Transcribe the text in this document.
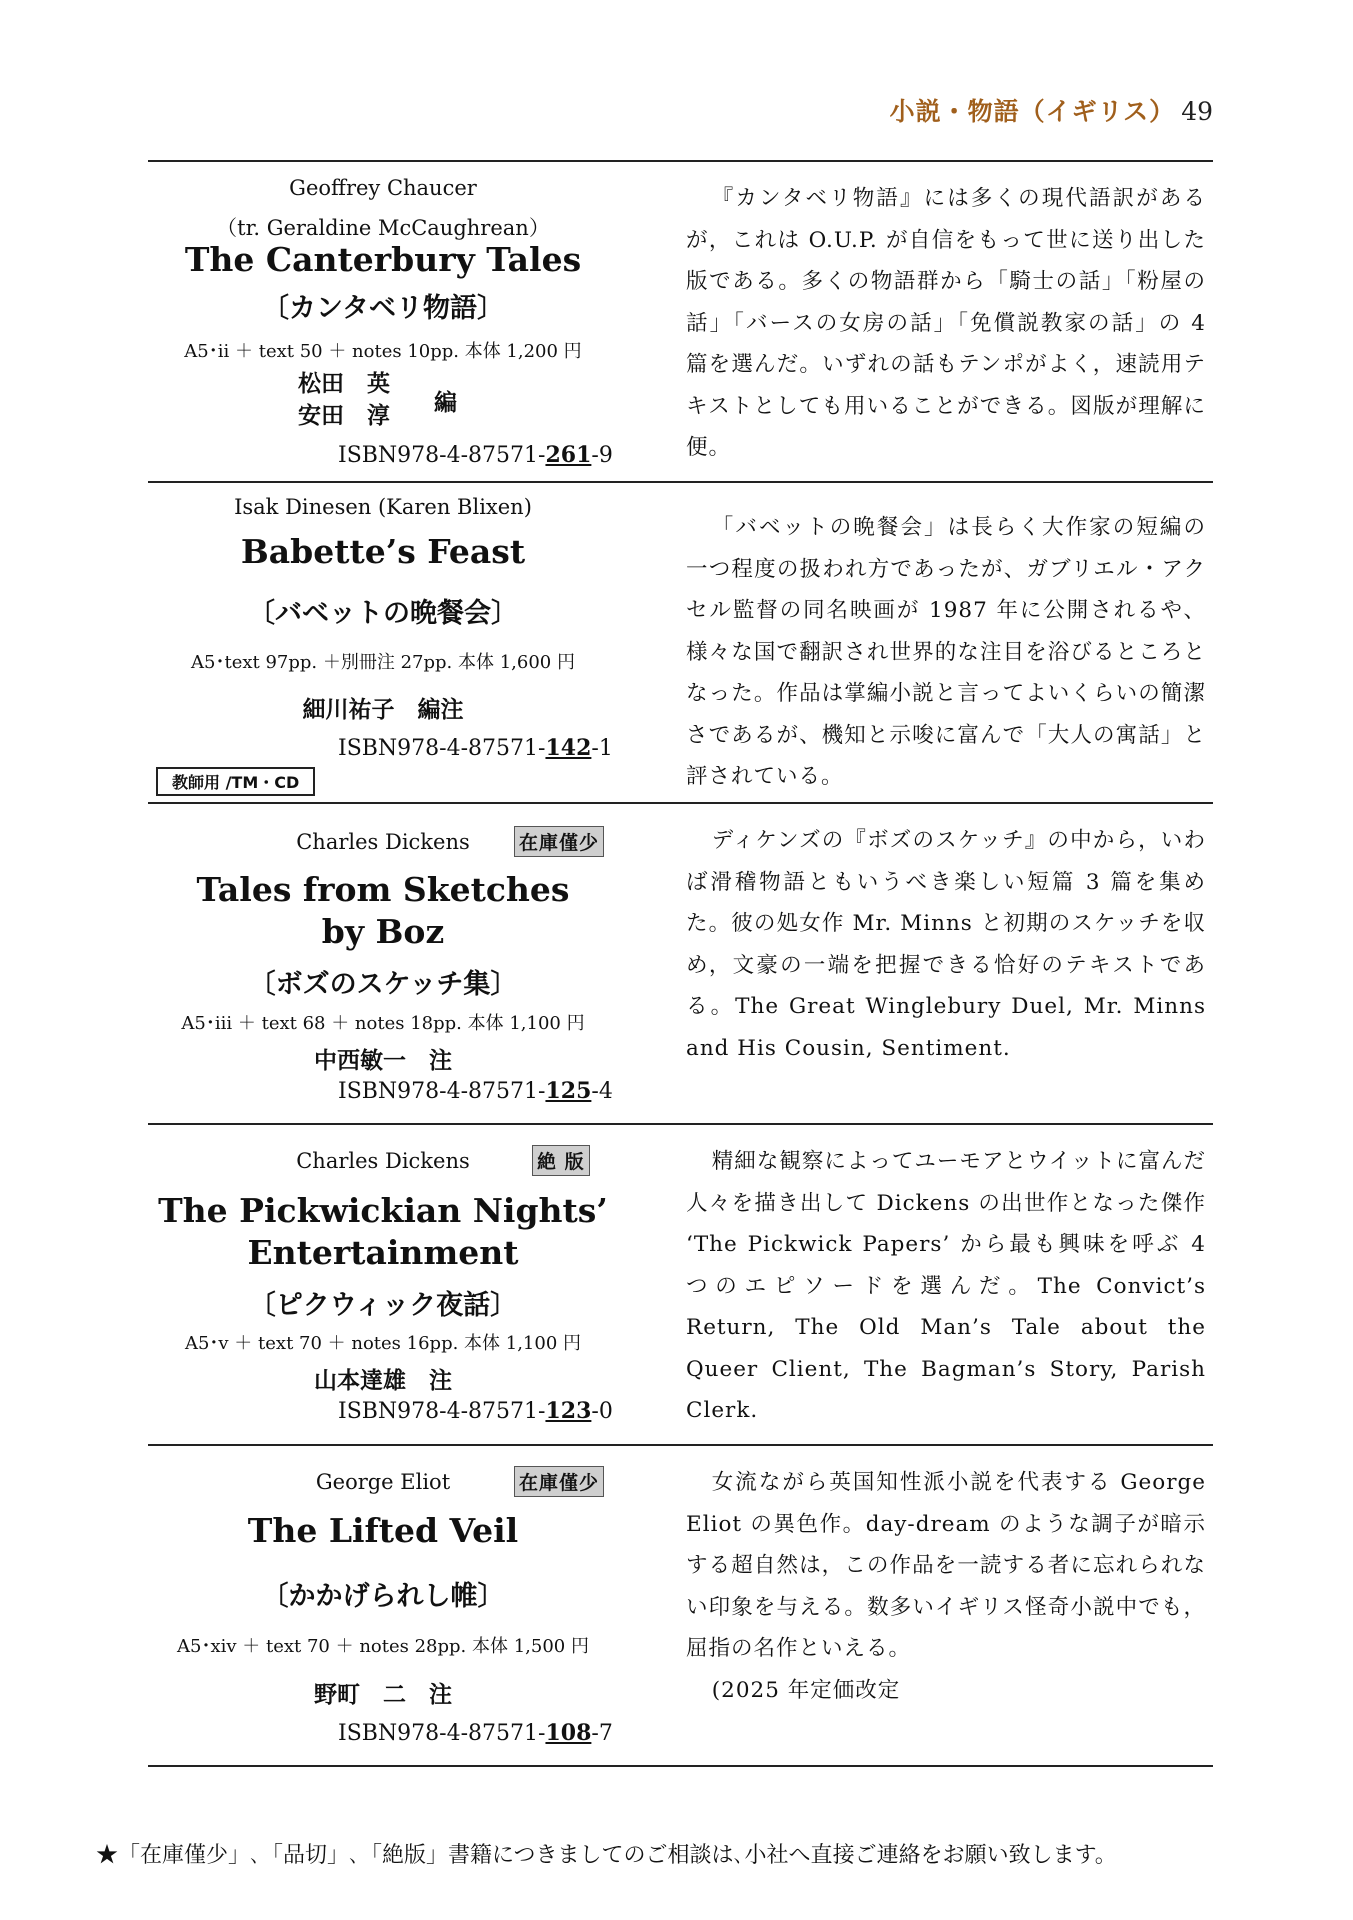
小説・物語（イギリス） 49
Geoffrey Chaucer
（tr. Geraldine McCaughrean）
The Canterbury Tales
〔カンタベリ物語〕
A5･ii ＋ text 50 ＋ notes 10pp. 本体 1,200 円
松田　英
安田　淳 編
ISBN978-4-87571-261-9
『カンタベリ物語』には多くの現代語訳があるが，これは O.U.P. が自信をもって世に送り出した版である。多くの物語群から「騎士の話」「粉屋の話」「バースの女房の話」「免償説教家の話」の 4 篇を選んだ。いずれの話もテンポがよく，速読用テキストとしても用いることができる。図版が理解に便。
Isak Dinesen (Karen Blixen)
Babette’s Feast
〔バベットの晩餐会〕
A5･text 97pp. ＋別冊注 27pp. 本体 1,600 円
細川祐子　編注
ISBN978-4-87571-142-1
教師用 /TM・CD
「バベットの晩餐会」は長らく大作家の短編の一つ程度の扱われ方であったが、ガブリエル・アクセル監督の同名映画が 1987 年に公開されるや、様々な国で翻訳され世界的な注目を浴びるところとなった。作品は掌編小説と言ってよいくらいの簡潔さであるが、機知と示唆に富んで「大人の寓話」と評されている。
Charles Dickens	在庫僅少
Tales from Sketches
by Boz
〔ボズのスケッチ集〕
A5･iii ＋ text 68 ＋ notes 18pp. 本体 1,100 円
中西敏一　注
ISBN978-4-87571-125-4
ディケンズの『ボズのスケッチ』の中から，いわば滑稽物語ともいうべき楽しい短篇 3 篇を集めた。彼の処女作 Mr. Minns と初期のスケッチを収め，文豪の一端を把握できる恰好のテキストである。The Great Winglebury Duel, Mr. Minns and His Cousin, Sentiment.
Charles Dickens	絶 版
The Pickwickian Nights’
Entertainment
〔ピクウィック夜話〕
A5･v ＋ text 70 ＋ notes 16pp. 本体 1,100 円
山本達雄　注
ISBN978-4-87571-123-0
精細な観察によってユーモアとウイットに富んだ人々を描き出して Dickens の出世作となった傑作 ‘The Pickwick Papers’ から最も興味を呼ぶ 4 つのエピソードを選んだ。The Convict’s Return, The Old Man’s Tale about the Queer Client, The Bagman’s Story, Parish Clerk.
George Eliot	在庫僅少
The Lifted Veil
〔かかげられし帷〕
A5･xiv ＋ text 70 ＋ notes 28pp. 本体 1,500 円
野町　二　注
ISBN978-4-87571-108-7
女流ながら英国知性派小説を代表する George Eliot の異色作。day-dream のような調子が暗示する超自然は，この作品を一読する者に忘れられない印象を与える。数多いイギリス怪奇小説中でも，屈指の名作といえる。
(2025 年定価改定
★「在庫僅少」､「品切」､「絶版」書籍につきましてのご相談は､小社へ直接ご連絡をお願い致します。
